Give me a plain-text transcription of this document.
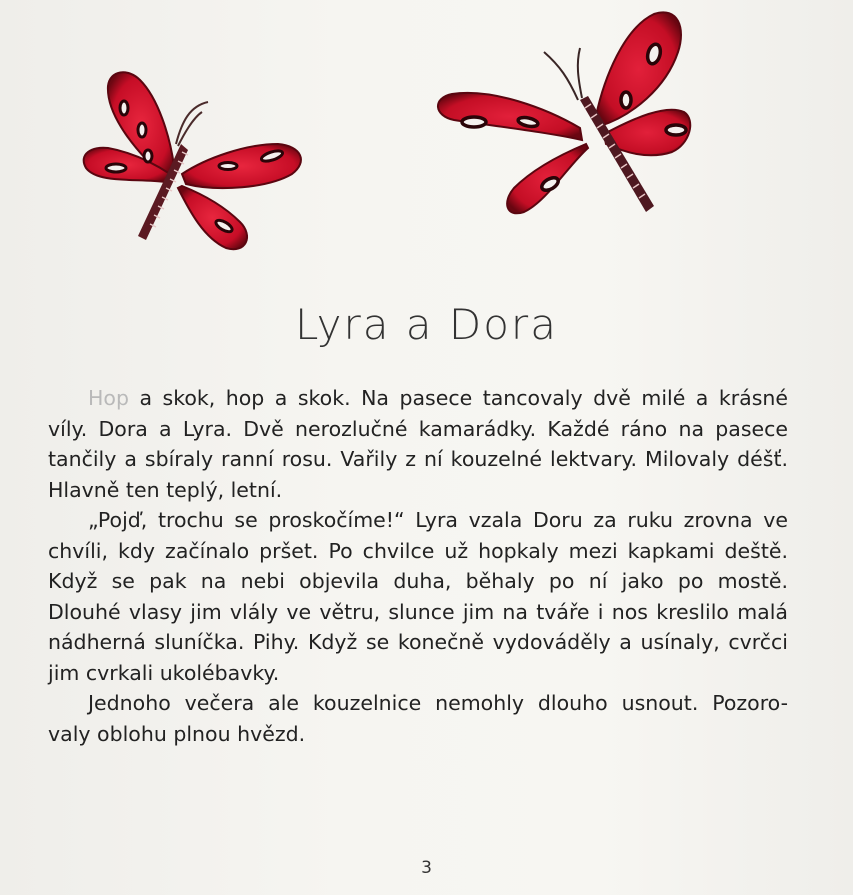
Lyra a Dora
Hop a skok, hop a skok. Na pasece tancovaly dvě milé a krásné
víly. Dora a Lyra. Dvě nerozlučné kamarádky. Každé ráno na pasece
tančily a sbíraly ranní rosu. Vařily z ní kouzelné lektvary. Milovaly déšť.
Hlavně ten teplý, letní.
„Pojď, trochu se proskočíme!“ Lyra vzala Doru za ruku zrovna ve
chvíli, kdy začínalo pršet. Po chvilce už hopkaly mezi kapkami deště.
Když se pak na nebi objevila duha, běhaly po ní jako po mostě.
Dlouhé vlasy jim vlály ve větru, slunce jim na tváře i nos kreslilo malá
nádherná sluníčka. Pihy. Když se konečně vydováděly a usínaly, cvrčci
jim cvrkali ukolébavky.
Jednoho večera ale kouzelnice nemohly dlouho usnout. Pozoro-
valy oblohu plnou hvězd.
3
